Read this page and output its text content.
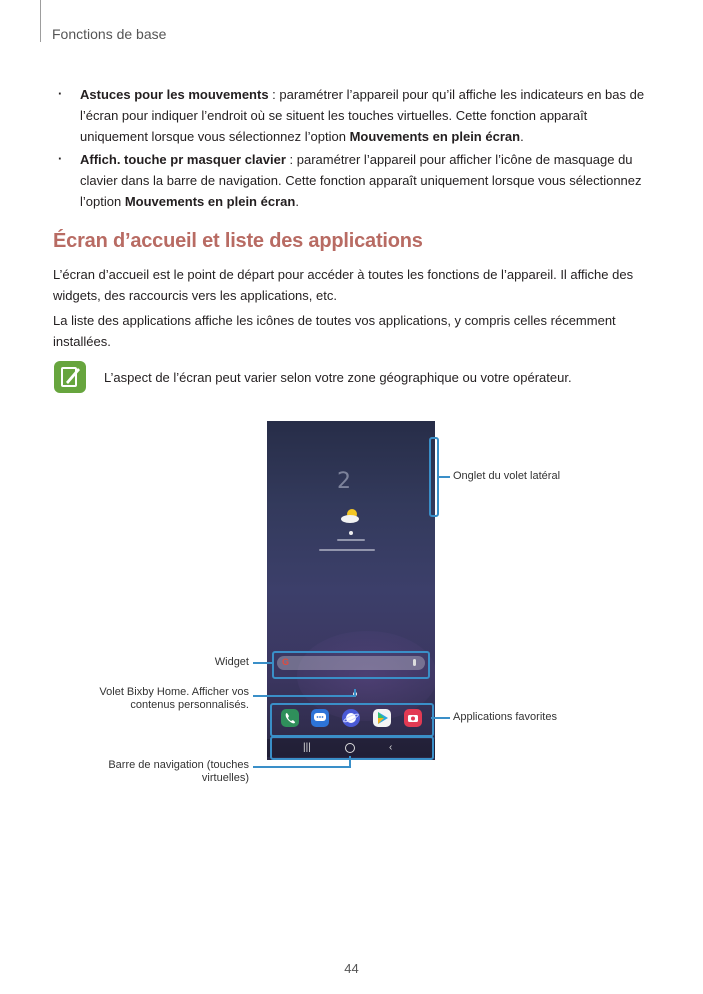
Fonctions de base
· Astuces pour les mouvements : paramétrer l’appareil pour qu’il affiche les indicateurs en bas de l’écran pour indiquer l’endroit où se situent les touches virtuelles. Cette fonction apparaît uniquement lorsque vous sélectionnez l’option Mouvements en plein écran.
· Affich. touche pr masquer clavier : paramétrer l’appareil pour afficher l’icône de masquage du clavier dans la barre de navigation. Cette fonction apparaît uniquement lorsque vous sélectionnez l’option Mouvements en plein écran.
Écran d’accueil et liste des applications

L’écran d’accueil est le point de départ pour accéder à toutes les fonctions de l’appareil. Il affiche des widgets, des raccourcis vers les applications, etc.

La liste des applications affiche les icônes de toutes vos applications, y compris celles récemment installées.

L’aspect de l’écran peut varier selon votre zone géographique ou votre opérateur.
2
G
|||	‹
Onglet du volet latéral
Widget
Volet Bixby Home. Afficher vos contenus personnalisés.
Applications favorites
Barre de navigation (touches virtuelles)
44
